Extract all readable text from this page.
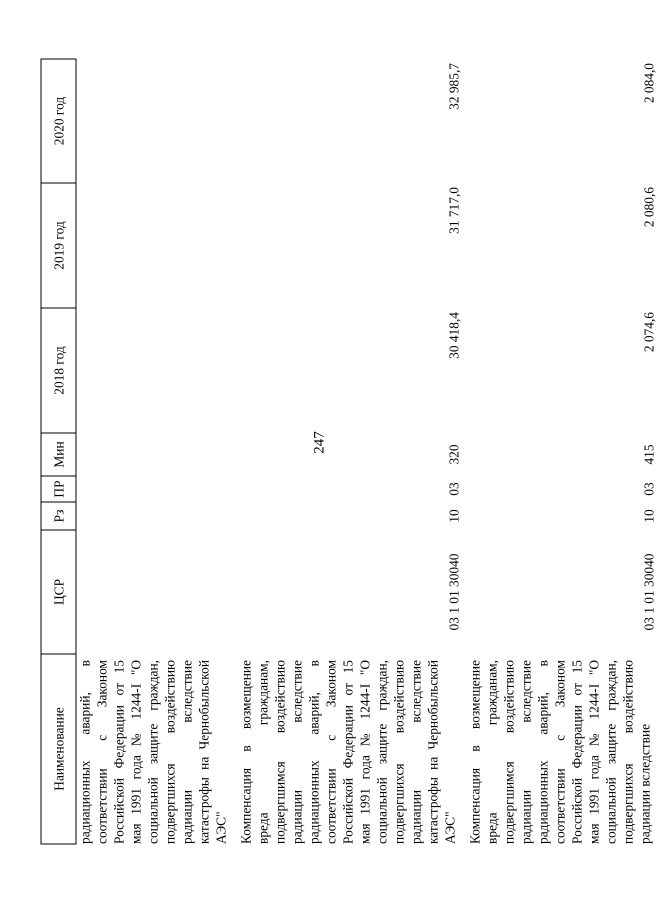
247
Наименование	ЦСР	Рз	ПР	Мин	2018 год	2019 год	2020 год
радиационных аварий, в соответствии с Законом Российской Федерации от 15 мая 1991 года № 1244-I "О социальной защите граждан, подвергшихся воздействию радиации вследствие катастрофы на Чернобыльской АЭС"							
Компенсация в возмещение вреда гражданам, подвергшимся воздействию радиации вследствие радиационных аварий, в соответствии с Законом Российской Федерации от 15 мая 1991 года № 1244-I "О социальной защите граждан, подвергшихся воздействию радиации вследствие катастрофы на Чернобыльской АЭС"	03 1 01 30040	10	03	320	30 418,4	31 717,0	32 985,7
Компенсация в возмещение вреда гражданам, подвергшимся воздействию радиации вследствие радиационных аварий, в соответствии с Законом Российской Федерации от 15 мая 1991 года № 1244-I "О социальной защите граждан, подвергшихся воздействию радиации вследствие	03 1 01 30040	10	03	415	2 074,6	2 080,6	2 084,0
